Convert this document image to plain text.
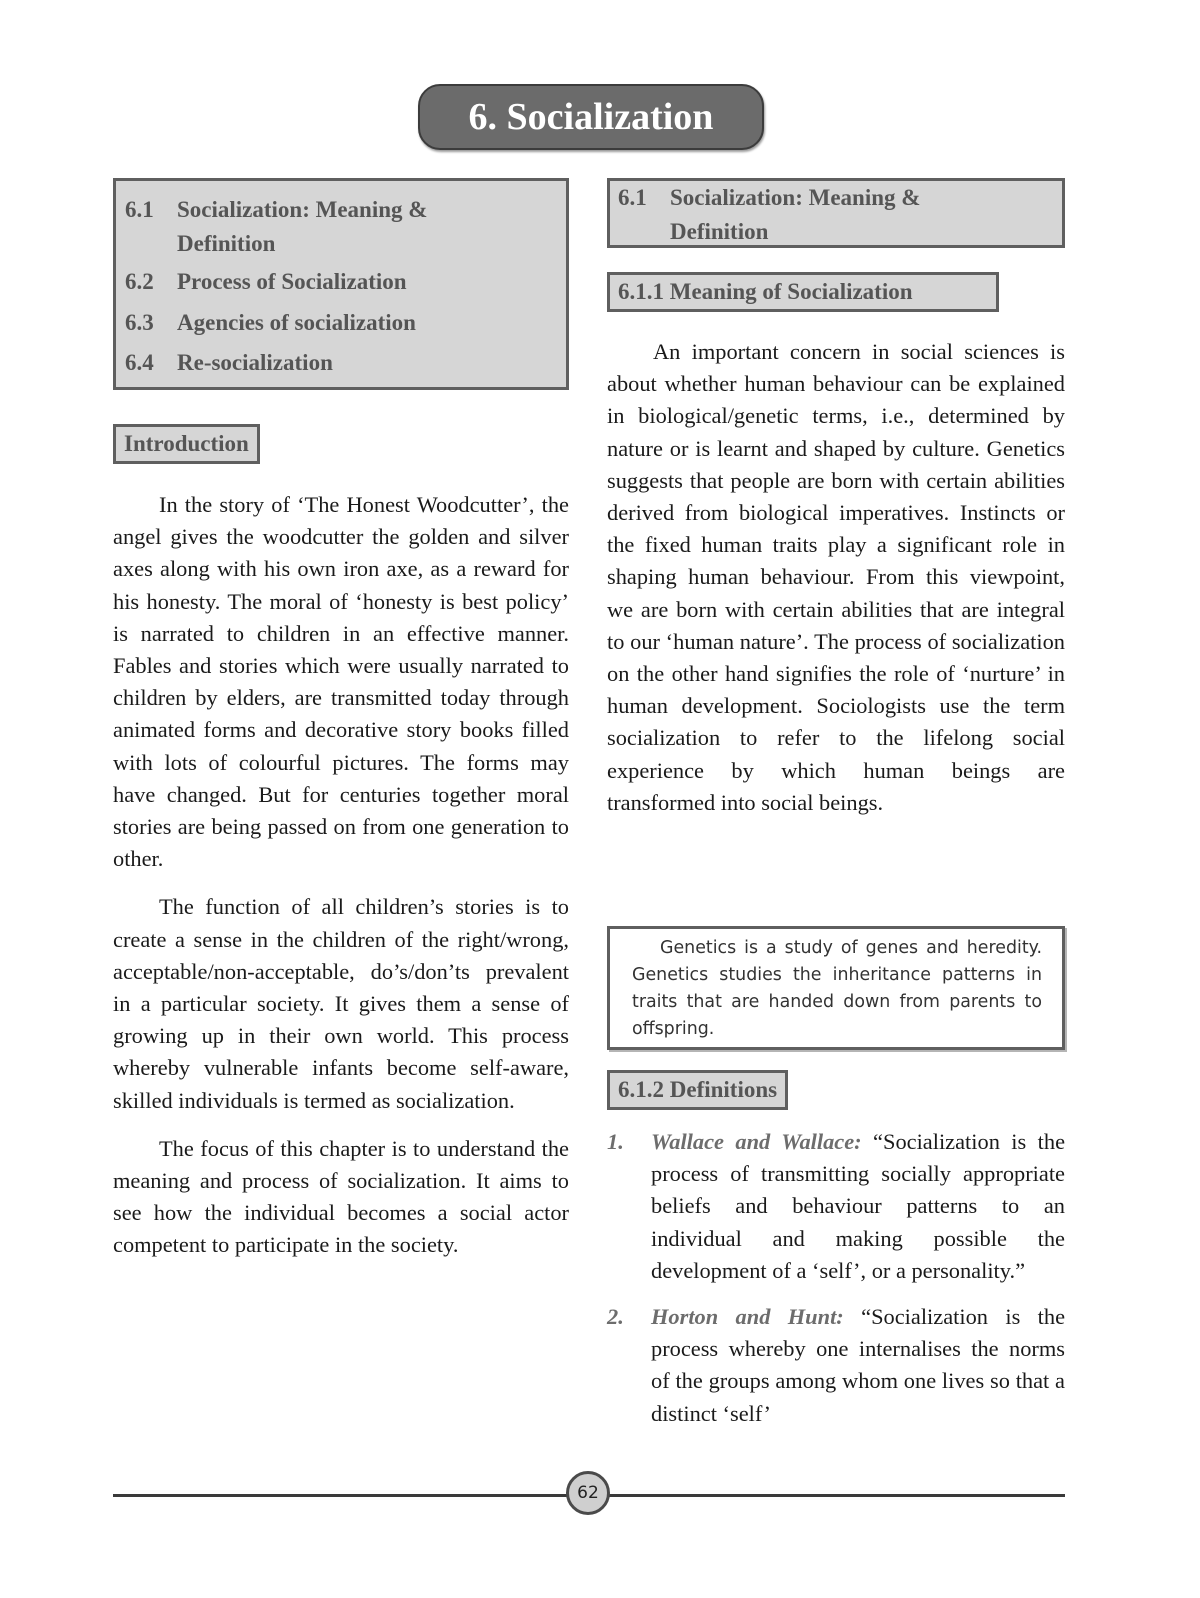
6. Socialization
6.1	Socialization: Meaning &
Definition
6.2	Process of Socialization
6.3	Agencies of socialization
6.4	Re-socialization
Introduction

In the story of ‘The Honest Woodcutter’, the angel gives the woodcutter the golden and silver axes along with his own iron axe, as a reward for his honesty. The moral of ‘honesty is best policy’ is narrated to children in an effective manner. Fables and stories which were usually narrated to children by elders, are transmitted today through animated forms and decorative story books filled with lots of colourful pictures. The forms may have changed. But for centuries together moral stories are being passed on from one generation to other.

The function of all children’s stories is to create a sense in the children of the right/wrong, acceptable/non-acceptable, do’s/don’ts prevalent in a particular society. It gives them a sense of growing up in their own world. This process whereby vulnerable infants become self-aware, skilled individuals is termed as socialization.

The focus of this chapter is to understand the meaning and process of socialization. It aims to see how the individual becomes a social actor competent to participate in the society.

6.1	Socialization: Meaning &
Definition
6.1.1 Meaning of Socialization

An important concern in social sciences is about whether human behaviour can be explained in biological/genetic terms, i.e., determined by nature or is learnt and shaped by culture. Genetics suggests that people are born with certain abilities derived from biological imperatives. Instincts or the fixed human traits play a significant role in shaping human behaviour. From this viewpoint, we are born with certain abilities that are integral to our ‘human nature’. The process of socialization on the other hand signifies the role of ‘nurture’ in human development. Sociologists use the term socialization to refer to the lifelong social experience by which human beings are transformed into social beings.

Genetics is a study of genes and heredity. Genetics studies the inheritance patterns in traits that are handed down from parents to offspring.

6.1.2 Definitions
1.	Wallace and Wallace: “Socialization is the process of transmitting socially appropriate beliefs and behaviour patterns to an individual and making possible the development of a ‘self’, or a personality.”
2.	Horton and Hunt: “Socialization is the process whereby one internalises the norms of the groups among whom one lives so that a distinct ‘self’
62
